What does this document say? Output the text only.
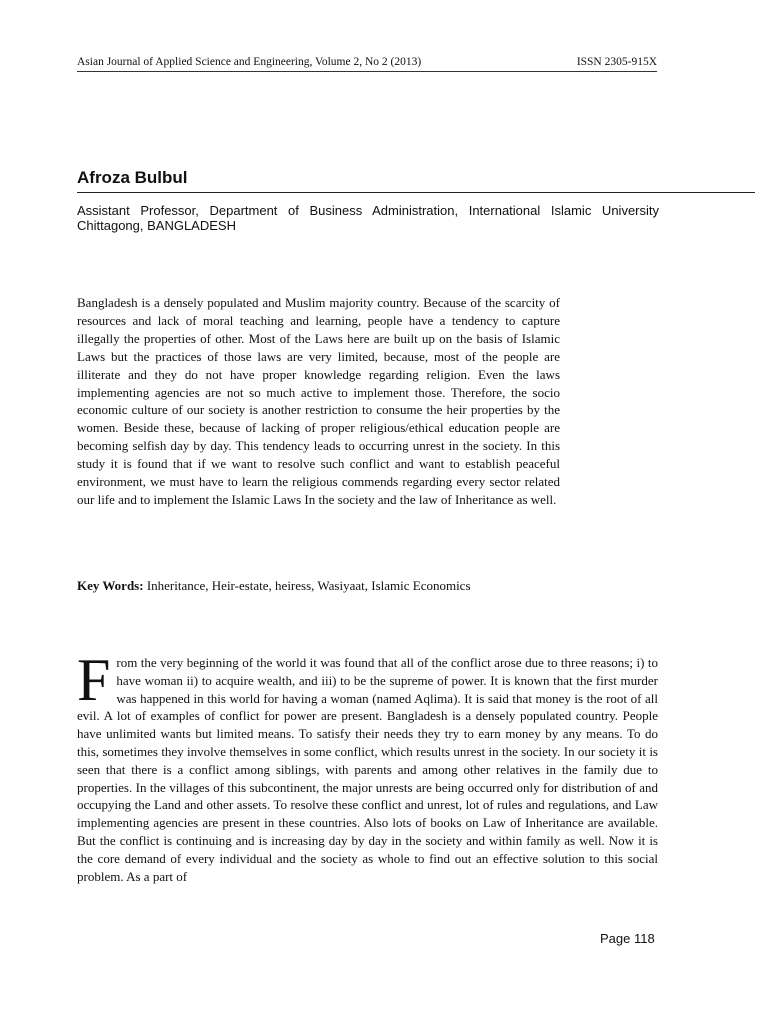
Asian Journal of Applied Science and Engineering, Volume 2, No 2 (2013)	ISSN 2305-915X
Afroza Bulbul
Assistant Professor, Department of Business Administration, International Islamic University Chittagong, BANGLADESH

Bangladesh is a densely populated and Muslim majority country. Because of the scarcity of resources and lack of moral teaching and learning, people have a tendency to capture illegally the properties of other. Most of the Laws here are built up on the basis of Islamic Laws but the practices of those laws are very limited, because, most of the people are illiterate and they do not have proper knowledge regarding religion. Even the laws implementing agencies are not so much active to implement those. Therefore, the socio economic culture of our society is another restriction to consume the heir properties by the women. Beside these, because of lacking of proper religious/ethical education people are becoming selfish day by day. This tendency leads to occurring unrest in the society. In this study it is found that if we want to resolve such conflict and want to establish peaceful environment, we must have to learn the religious commends regarding every sector related our life and to implement the Islamic Laws In the society and the law of Inheritance as well.

Key Words: Inheritance, Heir-estate, heiress, Wasiyaat, Islamic Economics

From the very beginning of the world it was found that all of the conflict arose due to three reasons; i) to have woman ii) to acquire wealth, and iii) to be the supreme of power. It is known that the first murder was happened in this world for having a woman (named Aqlima). It is said that money is the root of all evil. A lot of examples of conflict for power are present. Bangladesh is a densely populated country. People have unlimited wants but limited means. To satisfy their needs they try to earn money by any means. To do this, sometimes they involve themselves in some conflict, which results unrest in the society. In our society it is seen that there is a conflict among siblings, with parents and among other relatives in the family due to properties. In the villages of this subcontinent, the major unrests are being occurred only for distribution of and occupying the Land and other assets. To resolve these conflict and unrest, lot of rules and regulations, and Law implementing agencies are present in these countries. Also lots of books on Law of Inheritance are available. But the conflict is continuing and is increasing day by day in the society and within family as well. Now it is the core demand of every individual and the society as whole to find out an effective solution to this social problem. As a part of

Page 118
